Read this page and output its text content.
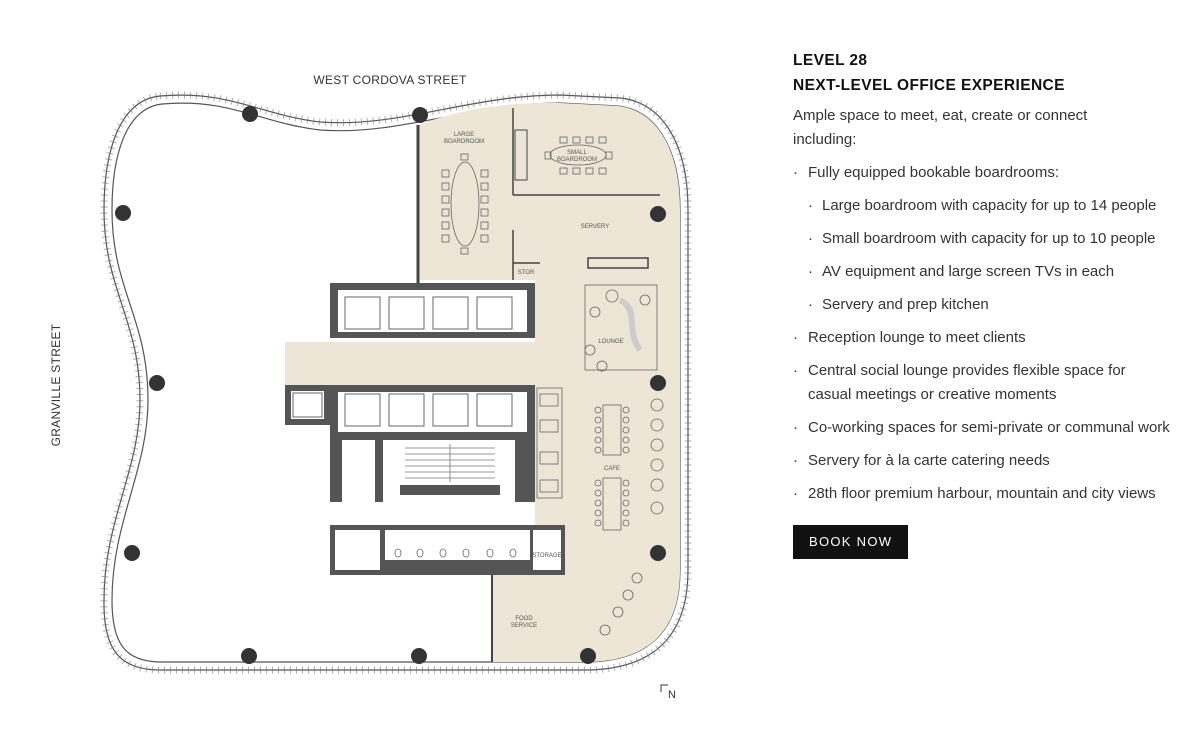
WEST CORDOVA STREET
GRANVILLE STREET
LARGE
BOARDROOM
SMALL
BOARDROOM
SERVERY
STOR
LOUNGE
CAFE
STORAGE
FOOD
SERVICE
N
LEVEL 28
NEXT-LEVEL OFFICE EXPERIENCE
Ample space to meet, eat, create or connect including:
· Fully equipped bookable boardrooms:
· Large boardroom with capacity for up to 14 people
· Small boardroom with capacity for up to 10 people
· AV equipment and large screen TVs in each
· Servery and prep kitchen
· Reception lounge to meet clients
· Central social lounge provides flexible space for casual meetings or creative moments
· Co-working spaces for semi-private or communal work
· Servery for à la carte catering needs
· 28th floor premium harbour, mountain and city views
BOOK NOW
